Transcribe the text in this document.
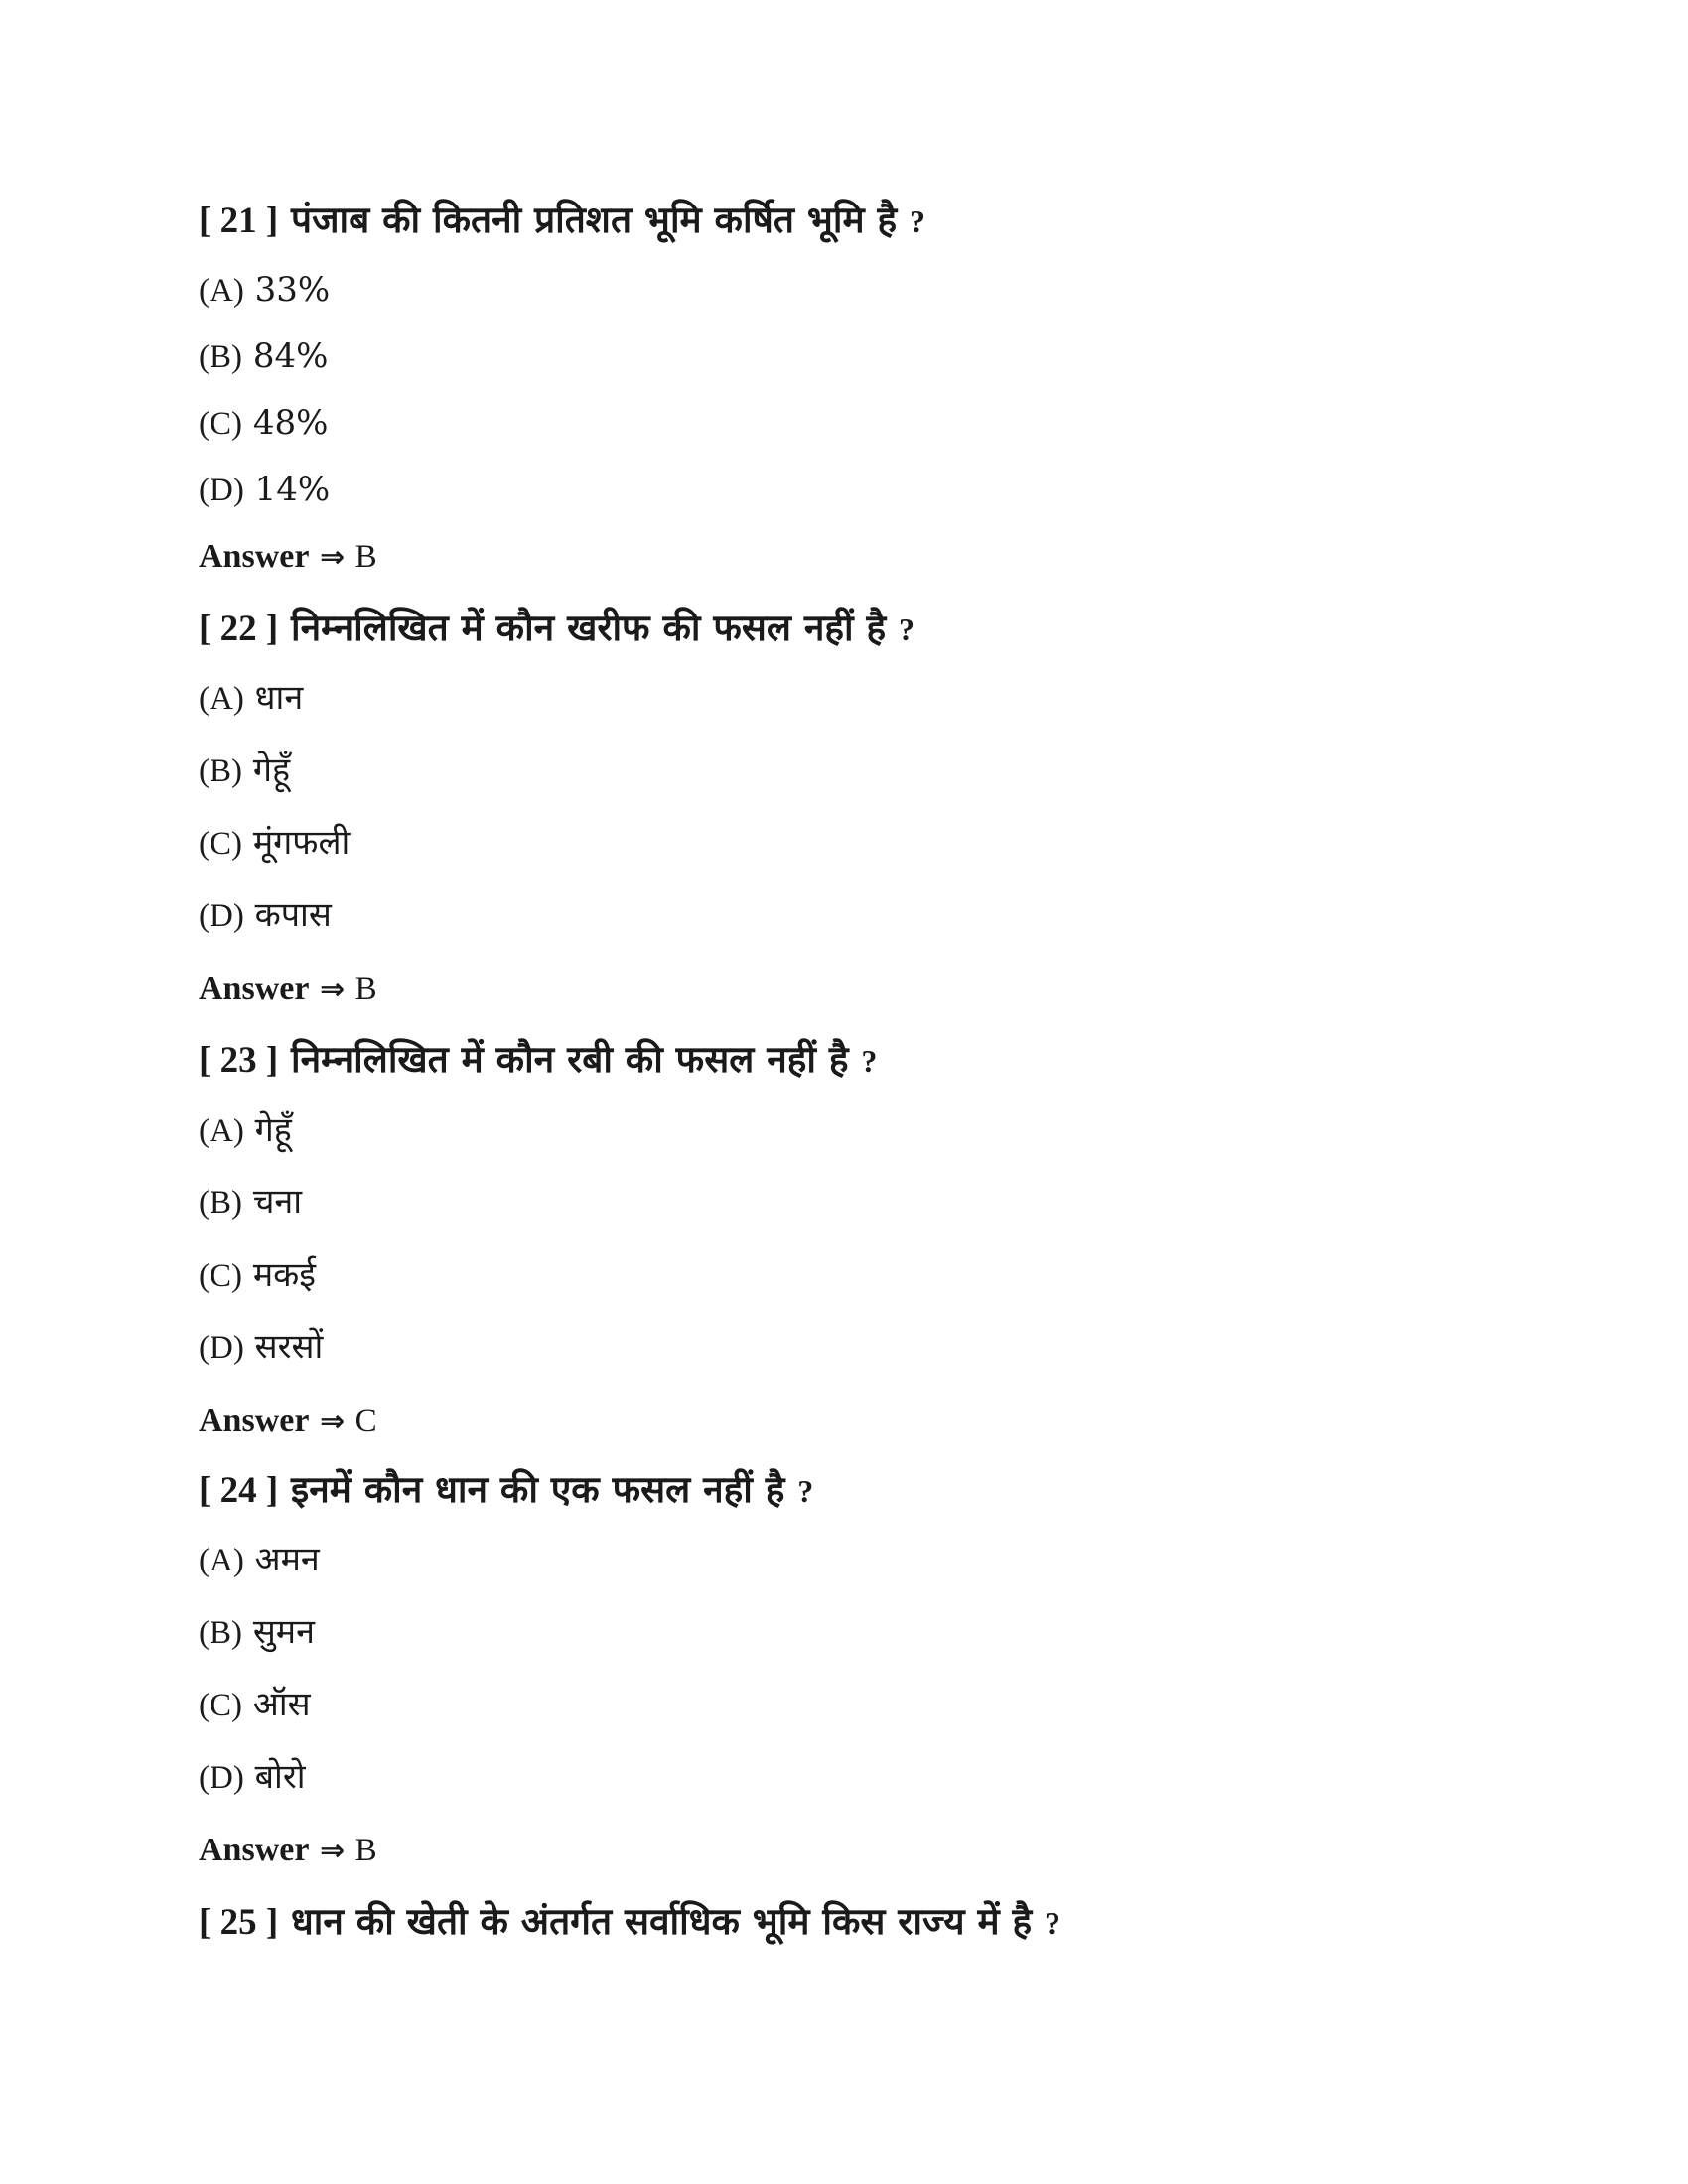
[ 21 ] पंजाब की कितनी प्रतिशत भूमि कर्षित भूमि है ?
(A) 33%
(B) 84%
(C) 48%
(D) 14%
Answer ⇒ B
[ 22 ] निम्नलिखित में कौन खरीफ की फसल नहीं है ?
(A) धान
(B) गेहूँ
(C) मूंगफली
(D) कपास
Answer ⇒ B
[ 23 ] निम्नलिखित में कौन रबी की फसल नहीं है ?
(A) गेहूँ
(B) चना
(C) मकई
(D) सरसों
Answer ⇒ C
[ 24 ] इनमें कौन धान की एक फसल नहीं है ?
(A) अमन
(B) सुमन
(C) ऑस
(D) बोरो
Answer ⇒ B
[ 25 ] धान की खेती के अंतर्गत सर्वाधिक भूमि किस राज्य में है ?
